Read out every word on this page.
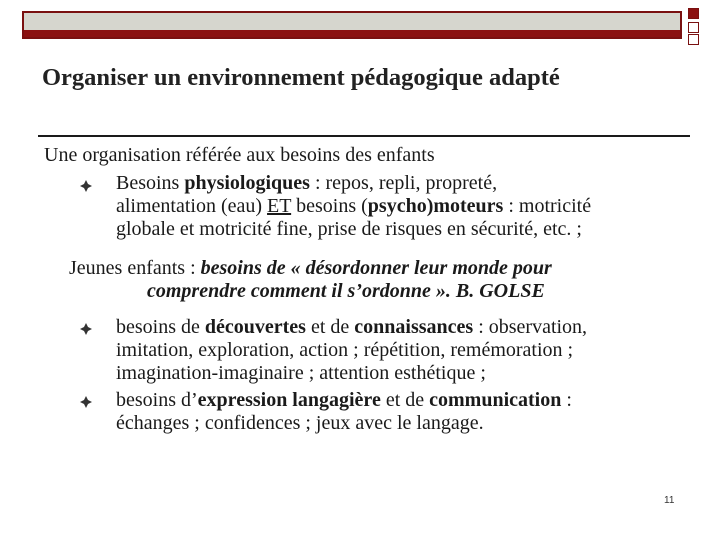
Organiser un environnement pédagogique adapté
Une organisation référée aux besoins des enfants
Besoins physiologiques : repos, repli, propreté,
alimentation (eau) ET besoins (psycho)moteurs : motricité
globale et motricité fine, prise de risques en sécurité, etc. ;
Jeunes enfants : besoins de « désordonner leur monde pour
comprendre comment il s’ordonne ». B. GOLSE
besoins de découvertes et de connaissances : observation,
imitation, exploration, action ; répétition, remémoration ;
imagination-imaginaire ; attention esthétique ;
besoins d’expression langagière et de communication :
échanges ; confidences ; jeux avec le langage.
11
